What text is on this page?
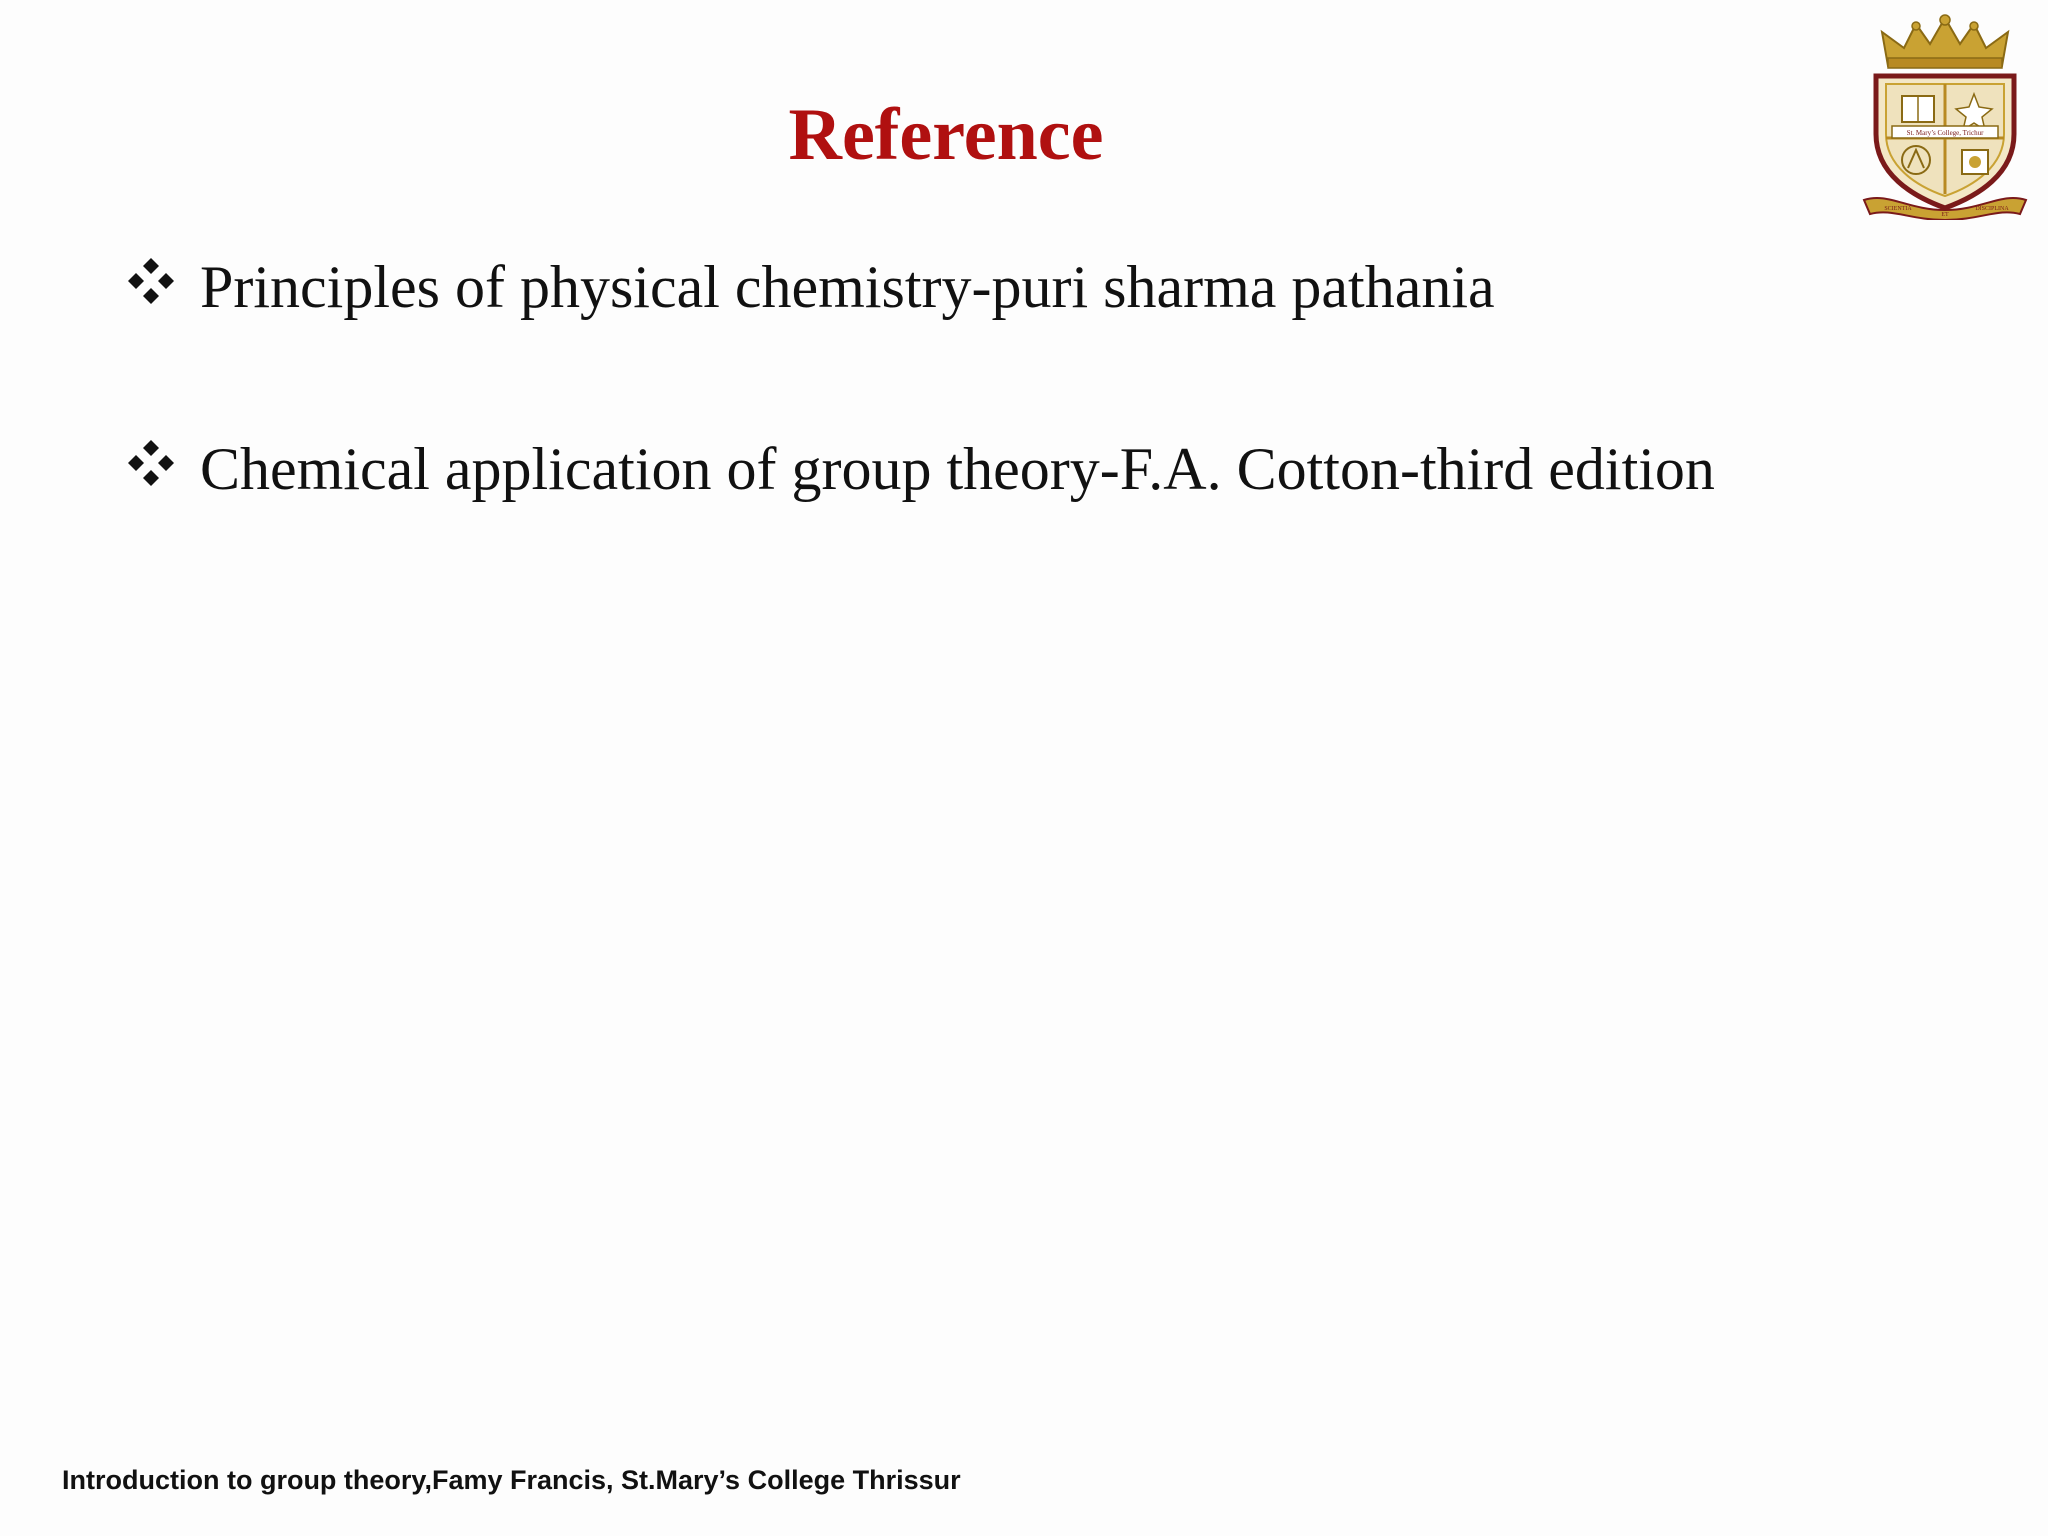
Reference
Principles of physical chemistry-puri sharma pathania
Chemical application of group theory-F.A. Cotton-third edition
St. Mary’s College, Trichur
SCIENTIA
ET
DISCIPLINA
Introduction to group theory,Famy Francis, St.Mary’s College Thrissur
